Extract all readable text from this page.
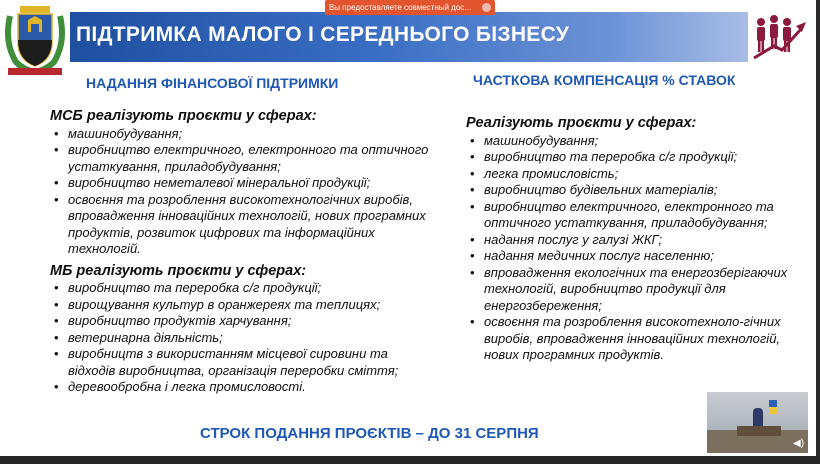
ПІДТРИМКА МАЛОГО І СЕРЕДНЬОГО БІЗНЕСУ
НАДАННЯ ФІНАНСОВОЇ ПІДТРИМКИ	ЧАСТКОВА КОМПЕНСАЦІЯ % СТАВОК
МСБ реалізують проєкти у сферах:
• машинобудування;
• виробництво електричного, електронного та оптичного устаткування, приладобудування;
• виробництво неметалевої мінеральної продукції;
• освоєння та розроблення високотехнологічних виробів, впровадження інноваційних технологій, нових програмних продуктів, розвиток цифрових та інформаційних технологій.
МБ реалізують проєкти у сферах:
• виробництво та переробка с/г продукції;
• вирощування культур в оранжереях та теплицях;
• виробництво продуктів харчування;
• ветеринарна діяльність;
• виробництв з використанням місцевої сировини та відходів виробництва, організація переробки сміття;
• деревообробна і легка промисловості.
Реалізують проєкти у сферах:
• машинобудування;
• виробництво та переробка с/г продукції;
• легка промисловість;
• виробництво будівельних матеріалів;
• виробництво електричного, електронного та оптичного устаткування, приладобудування;
• надання послуг у галузі ЖКГ;
• надання медичних послуг населенню;
• впровадження екологічних та енергозберігаючих технологій, виробництво продукції для енергозбереження;
• освоєння та розроблення високотехноло-гічних виробів, впровадження інноваційних технологій, нових програмних продуктів.
СТРОК ПОДАННЯ ПРОЄКТІВ – ДО 31 СЕРПНЯ
Вы предоставляете совместный дос...
◀)
